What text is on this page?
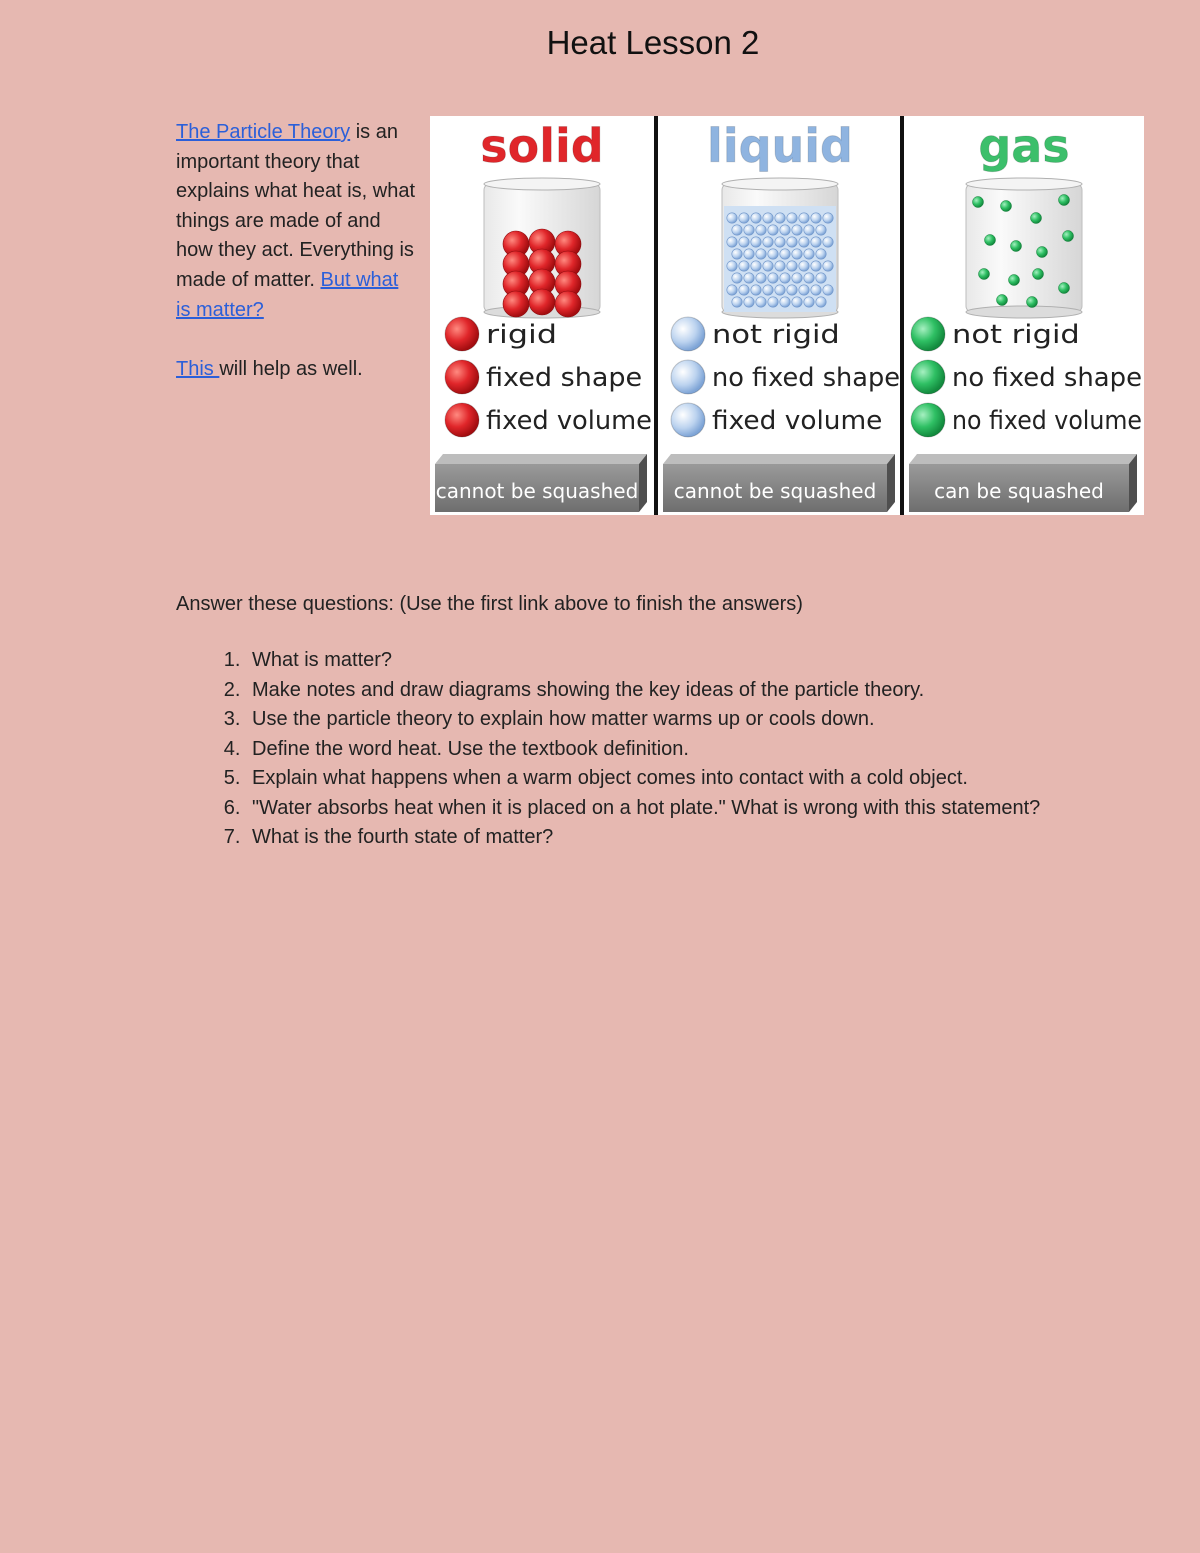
Heat Lesson 2

The Particle Theory is an important theory that explains what heat is, what things are made of and how they act. Everything is made of matter. But what is matter?

This will help as well.

solid
rigid
fixed shape
fixed volume
cannot be squashed
liquid
not rigid
no fixed shape
fixed volume
cannot be squashed
gas
not rigid
no fixed shape
no fixed volume
can be squashed

Answer these questions: (Use the first link above to finish the answers)

1. What is matter?
2. Make notes and draw diagrams showing the key ideas of the particle theory.
3. Use the particle theory to explain how matter warms up or cools down.
4. Define the word heat. Use the textbook definition.
5. Explain what happens when a warm object comes into contact with a cold object.
6. "Water absorbs heat when it is placed on a hot plate." What is wrong with this statement?
7. What is the fourth state of matter?
